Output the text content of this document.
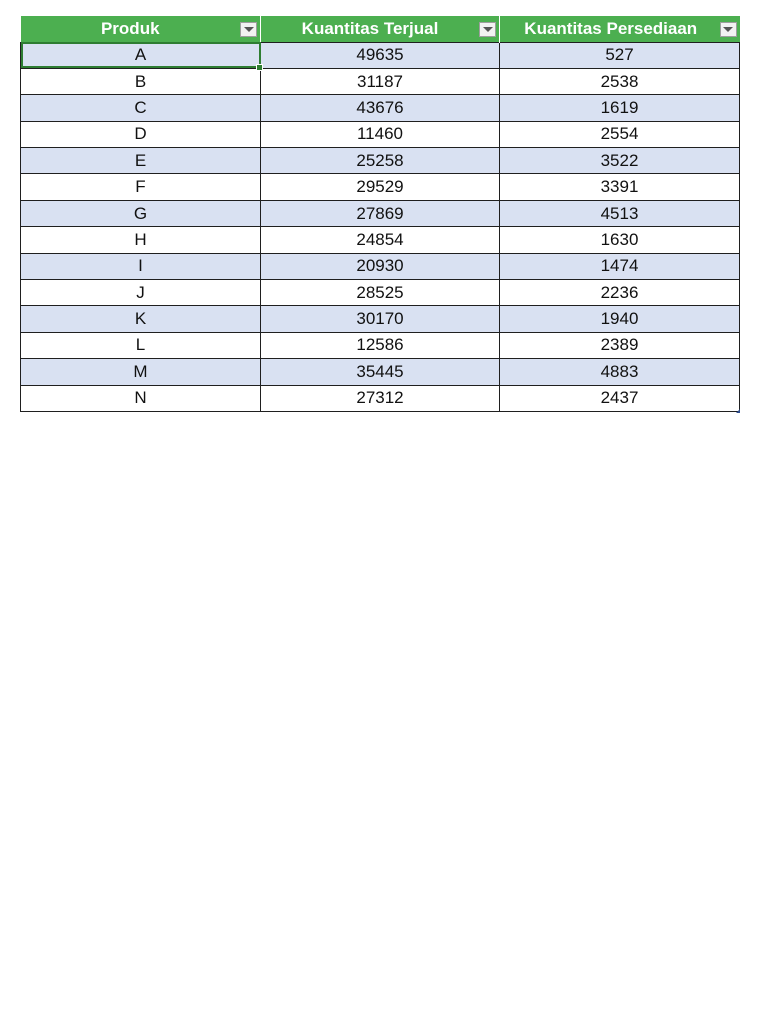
Produk	Kuantitas Terjual	Kuantitas Persediaan

A	49635	527
B	31187	2538
C	43676	1619
D	11460	2554
E	25258	3522
F	29529	3391
G	27869	4513
H	24854	1630
I	20930	1474
J	28525	2236
K	30170	1940
L	12586	2389
M	35445	4883
N	27312	2437
